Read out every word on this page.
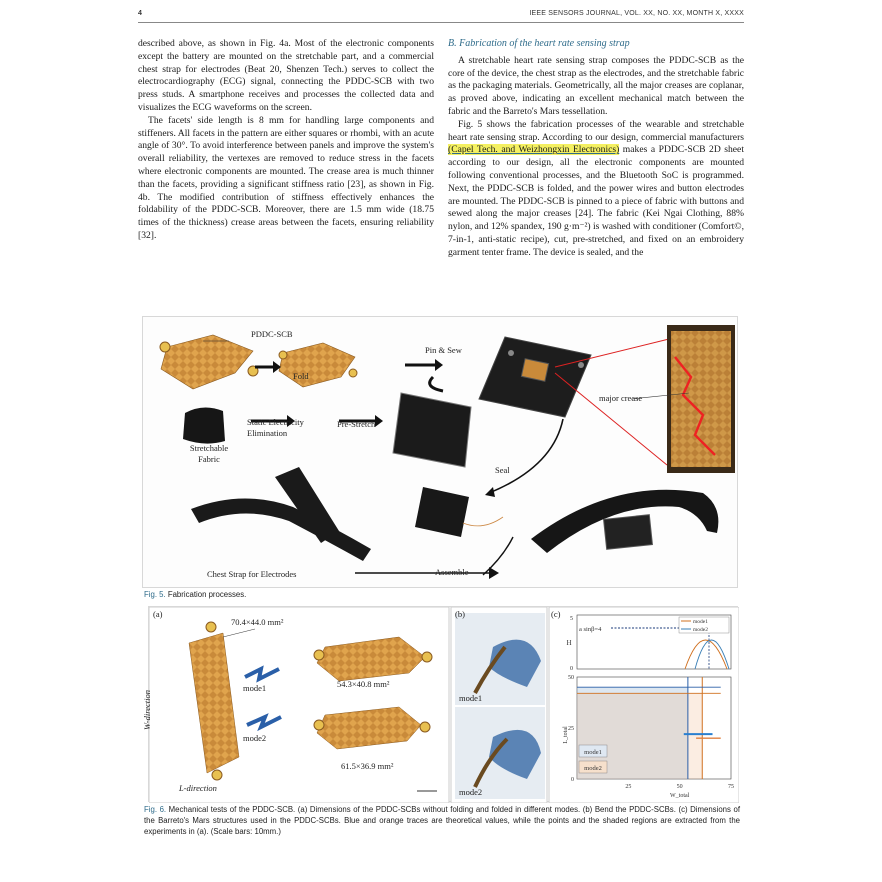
4	IEEE SENSORS JOURNAL, VOL. XX, NO. XX, MONTH X, XXXX

described above, as shown in Fig. 4a. Most of the electronic components except the battery are mounted on the stretchable part, and a commercial chest strap for electrodes (Beat 20, Shenzen Tech.) serves to collect the electrocardiography (ECG) signal, connecting the PDDC-SCB with two press studs. A smartphone receives and processes the collected data and visualizes the ECG waveforms on the screen.

The facets' side length is 8 mm for handling large components and stiffeners. All facets in the pattern are either squares or rhombi, with an acute angle of 30°. To avoid interference between panels and improve the system's overall reliability, the vertexes are removed to reduce stress in the facets where electronic components are mounted. The crease area is much thinner than the facets, providing a significant stiffness ratio [23], as shown in Fig. 4b. The modified contribution of stiffness effectively enhances the foldability of the PDDC-SCB. Moreover, there are 1.5 mm wide (18.75 times of the thickness) crease areas between the facets, ensuring reliability [32].

B. Fabrication of the heart rate sensing strap

A stretchable heart rate sensing strap composes the PDDC-SCB as the core of the device, the chest strap as the electrodes, and the stretchable fabric as the packaging materials. Geometrically, all the major creases are coplanar, as proved above, indicating an excellent mechanical match between the fabric and the Barreto's Mars tessellation.

Fig. 5 shows the fabrication processes of the wearable and stretchable heart rate sensing strap. According to our design, commercial manufacturers (Capel Tech. and Weizhongxin Electronics) makes a PDDC-SCB 2D sheet according to our design, all the electronic components are mounted following conventional processes, and the Bluetooth SoC is programmed. Next, the PDDC-SCB is folded, and the power wires and button electrodes are mounted. The PDDC-SCB is pinned to a piece of fabric with buttons and sewed along the major creases [24]. The fabric (Kei Ngai Clothing, 88% nylon, and 12% spandex, 190 g·m⁻²) is washed with conditioner (Comfort©, 7-in-1, anti-static recipe), cut, pre-stretched, and fixed on an embroidery garment tenter frame. The device is sealed, and the

PDDC-SCB
Fold
Pin & Sew
major crease
Stretchable Fabric
Static Electricity Elimination
Pre-Stretch
Seal
Chest Strap for Electrodes	Assemble
Fig. 5. Fabrication processes.
H
0
5
a sinβ=4
mode1
mode2
25	50	75
0
25
50
W_total
L_total
mode1
mode2
(a)	(b)	(c)
70.4×44.0 mm²
54.3×40.8 mm²
61.5×36.9 mm²
W-direction
L-direction
mode1
mode2
mode1
mode2
Fig. 6. Mechanical tests of the PDDC-SCB. (a) Dimensions of the PDDC-SCBs without folding and folded in different modes. (b) Bend the PDDC-SCBs. (c) Dimensions of the Barreto's Mars structures used in the PDDC-SCBs. Blue and orange traces are theoretical values, while the points and the shaded regions are extracted from the experiments in (a). (Scale bars: 10mm.)
